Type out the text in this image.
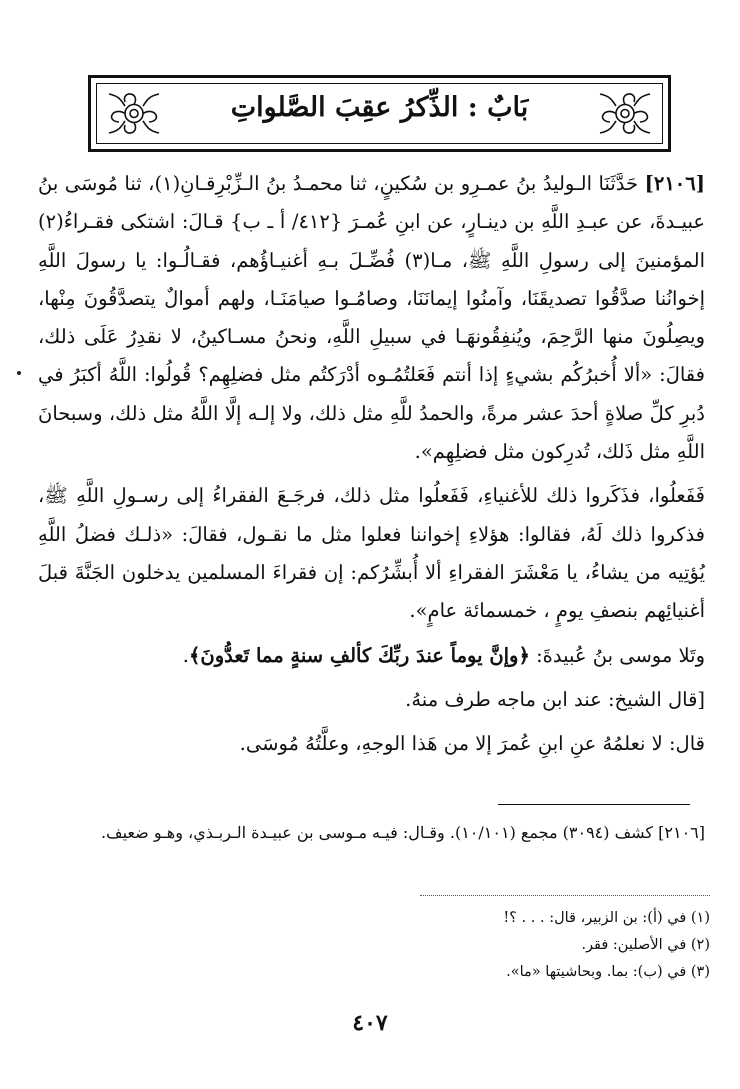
بَابٌ : الذِّكرُ عقِبَ الصَّلواتِ

[٢١٠٦] حَدَّثَنَا الـوليدُ بنُ عمـرِو بن سُكينٍ، ثنا محمـدُ بنُ الـزِّبْرِقـانِ(١)، ثنا مُوسَى بنُ عبيـدةَ، عن عبـدِ اللَّهِ بن دينـارٍ، عن ابنِ عُمـرَ {٤١٢/ أ ـ ب} قـالَ: اشتكى فقـراءُ(٢) المؤمنينَ إلى رسولِ اللَّهِ ﷺ، مـا(٣) فُضِّـلَ بـهِ أغنيـاؤُهم، فقـالُـوا: يا رسولَ اللَّهِ إخوانُنا صدَّقُوا تصديقَنَا، وآمنُوا إيمانَنَا، وصامُـوا صيامَنَـا، ولهم أموالٌ يتصدَّقُونَ مِنْها، ويصِلُونَ منها الرَّحِمَ، ويُنفِقُونهَـا في سبيلِ اللَّهِ، ونحنُ مسـاكينُ، لا نقدِرُ عَلَى ذلك، فقالَ: «ألا أُخبرُكُم بشيءٍ إذا أنتم فَعَلتُمُـوه أدْرَكتُم مثل فضلِهِم؟ قُولُوا: اللَّهُ أكبَرُ في دُبرِ كلِّ صلاةٍ أحدَ عشر مرةً، والحمدُ للَّهِ مثل ذلك، ولا إلـه إلَّا اللَّهُ مثل ذلك، وسبحانَ اللَّهِ مثل ذَلك، تُدرِكون مثل فضلِهِم».

فَفَعلُوا، فذَكَروا ذلك للأغنياءِ، فَفَعلُوا مثل ذلك، فرجَـعَ الفقراءُ إلى رسـولِ اللَّهِ ﷺ، فذكروا ذلك لَهُ، فقالوا: هؤلاءِ إخواننا فعلوا مثل ما نقـول، فقالَ: «ذلـك فضلُ اللَّهِ يُؤتِيه من يشاءُ، يا مَعْشَرَ الفقراءِ ألا أُبشِّرُكم: إن فقراءَ المسلمين يدخلون الجَنَّةَ قبلَ أغنيائِهم بنصفِ يومٍ ، خمسمائة عامٍ».

وتَلا موسى بنُ عُبيدةَ: ﴿وإنَّ يوماً عندَ ربِّكَ كألفِ سنةٍ مما تَعدُّونَ﴾.

[قال الشيخ: عند ابن ماجه طرف منهُ.

قال: لا نعلمُهُ عنِ ابنِ عُمرَ إلا من هَذا الوجهِ، وعلَّتُهُ مُوسَى.

[٢١٠٦] كشف (٣٠٩٤) مجمع (١٠/١٠١). وقـال: فيـه مـوسى بن عبيـدة الـربـذي، وهـو ضعيف.
(١) في (أ): بن الزبير، قال: . . . ؟!
(٢) في الأصلين: فقر.
(٣) في (ب): بما. وبحاشيتها «ما».
٤٠٧
